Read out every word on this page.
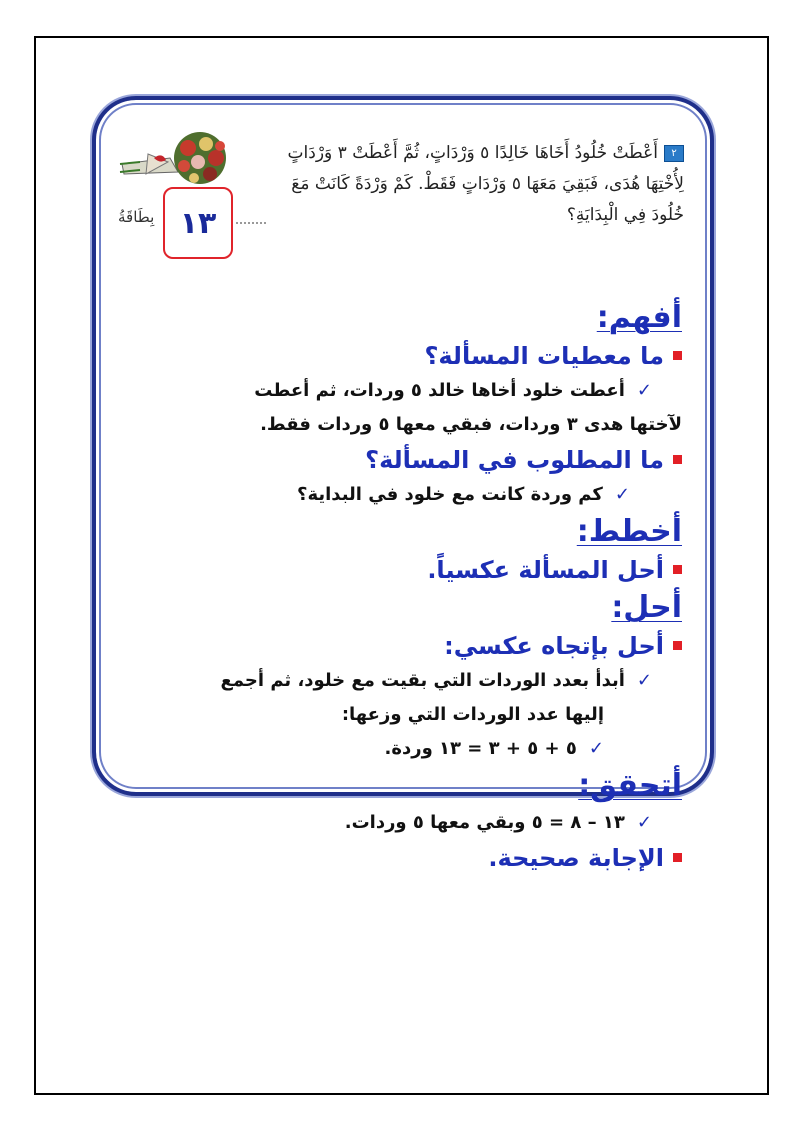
٢أَعْطَتْ خُلُودُ أَخَاهَا خَالِدًا ٥ وَرْدَاتٍ، ثُمَّ أَعْطَتْ ٣ وَرْدَاتٍ لِأُخْتِهَا هُدَى، فَبَقِيَ مَعَهَا ٥ وَرْدَاتٍ فَقَطْ. كَمْ وَرْدَةً كَانَتْ مَعَ خُلُودَ فِي الْبِدَايَةِ؟
بِطَاقَةُ ١٣
أفهم:
ما معطيات المسألة؟
✓أعطت خلود أخاها خالد ٥ وردات، ثم أعطت
لآختها هدى ٣ وردات، فبقي معها ٥ وردات فقط.
ما المطلوب في المسألة؟
✓كم وردة كانت مع خلود في البداية؟
أخطط:
أحل المسألة عكسياً.
أحل:
أحل بإتجاه عكسي:
✓أبدأ بعدد الوردات التي بقيت مع خلود، ثم أجمع
إليها عدد الوردات التي وزعها:
✓٥ + ٥ + ٣ = ١٣ وردة.
أتحقق:
✓١٣ – ٨ = ٥ وبقي معها ٥ وردات.
الإجابة صحيحة.
